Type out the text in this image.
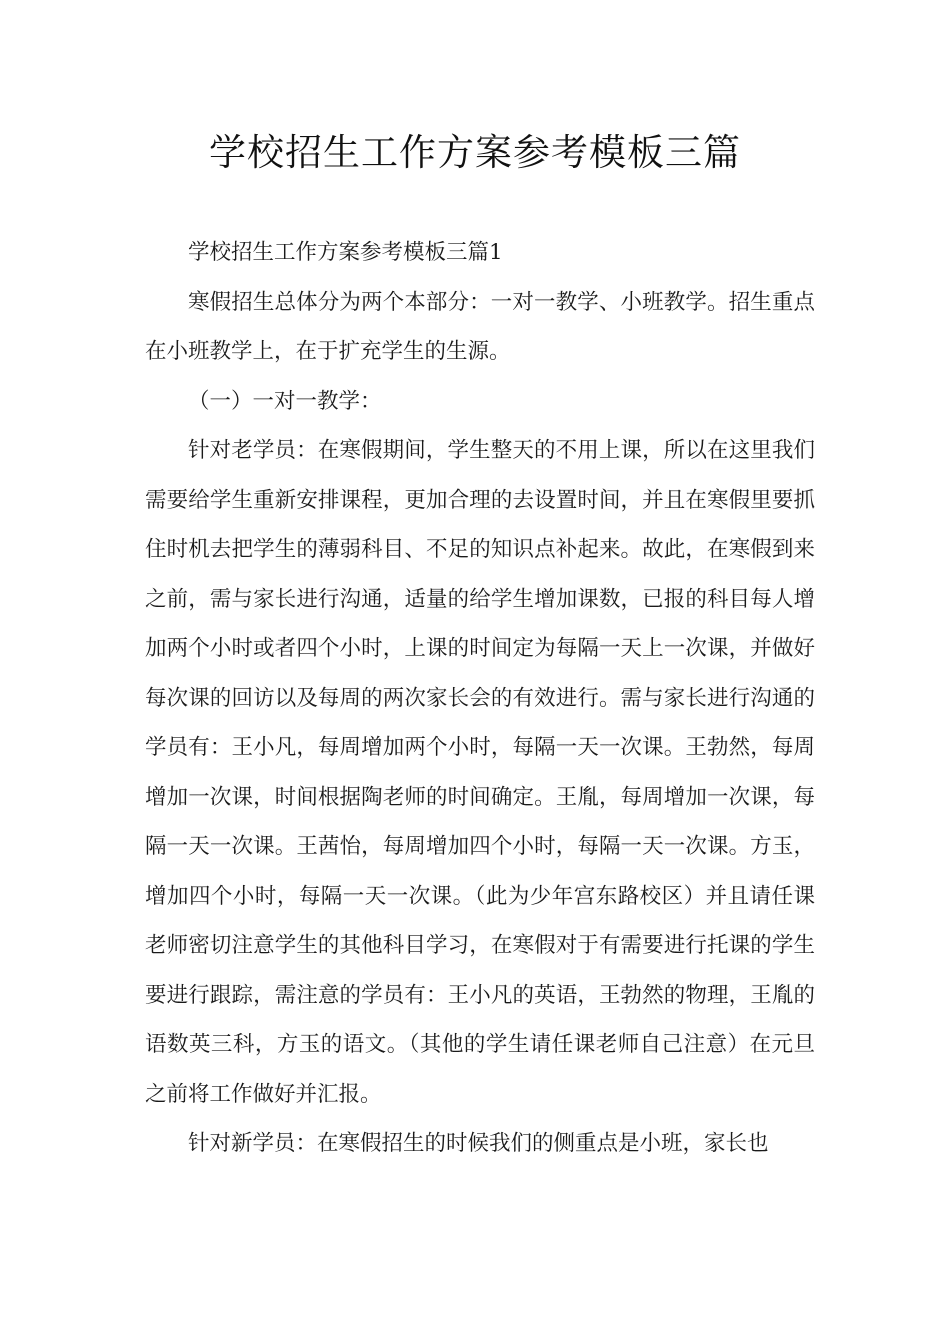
学校招生工作方案参考模板三篇

学校招生工作方案参考模板三篇1

寒假招生总体分为两个本部分：一对一教学、小班教学。招生重点在小班教学上，在于扩充学生的生源。

（一）一对一教学：

针对老学员：在寒假期间，学生整天的不用上课，所以在这里我们需要给学生重新安排课程，更加合理的去设置时间，并且在寒假里要抓住时机去把学生的薄弱科目、不足的知识点补起来。故此，在寒假到来之前，需与家长进行沟通，适量的给学生增加课数，已报的科目每人增加两个小时或者四个小时，上课的时间定为每隔一天上一次课，并做好每次课的回访以及每周的两次家长会的有效进行。需与家长进行沟通的学员有：王小凡，每周增加两个小时，每隔一天一次课。王勃然，每周增加一次课，时间根据陶老师的时间确定。王胤，每周增加一次课，每隔一天一次课。王茜怡，每周增加四个小时，每隔一天一次课。方玉，增加四个小时，每隔一天一次课。（此为少年宫东路校区）并且请任课老师密切注意学生的其他科目学习，在寒假对于有需要进行托课的学生要进行跟踪，需注意的学员有：王小凡的英语，王勃然的物理，王胤的语数英三科，方玉的语文。（其他的学生请任课老师自己注意）在元旦之前将工作做好并汇报。

针对新学员：在寒假招生的时候我们的侧重点是小班，家长也
